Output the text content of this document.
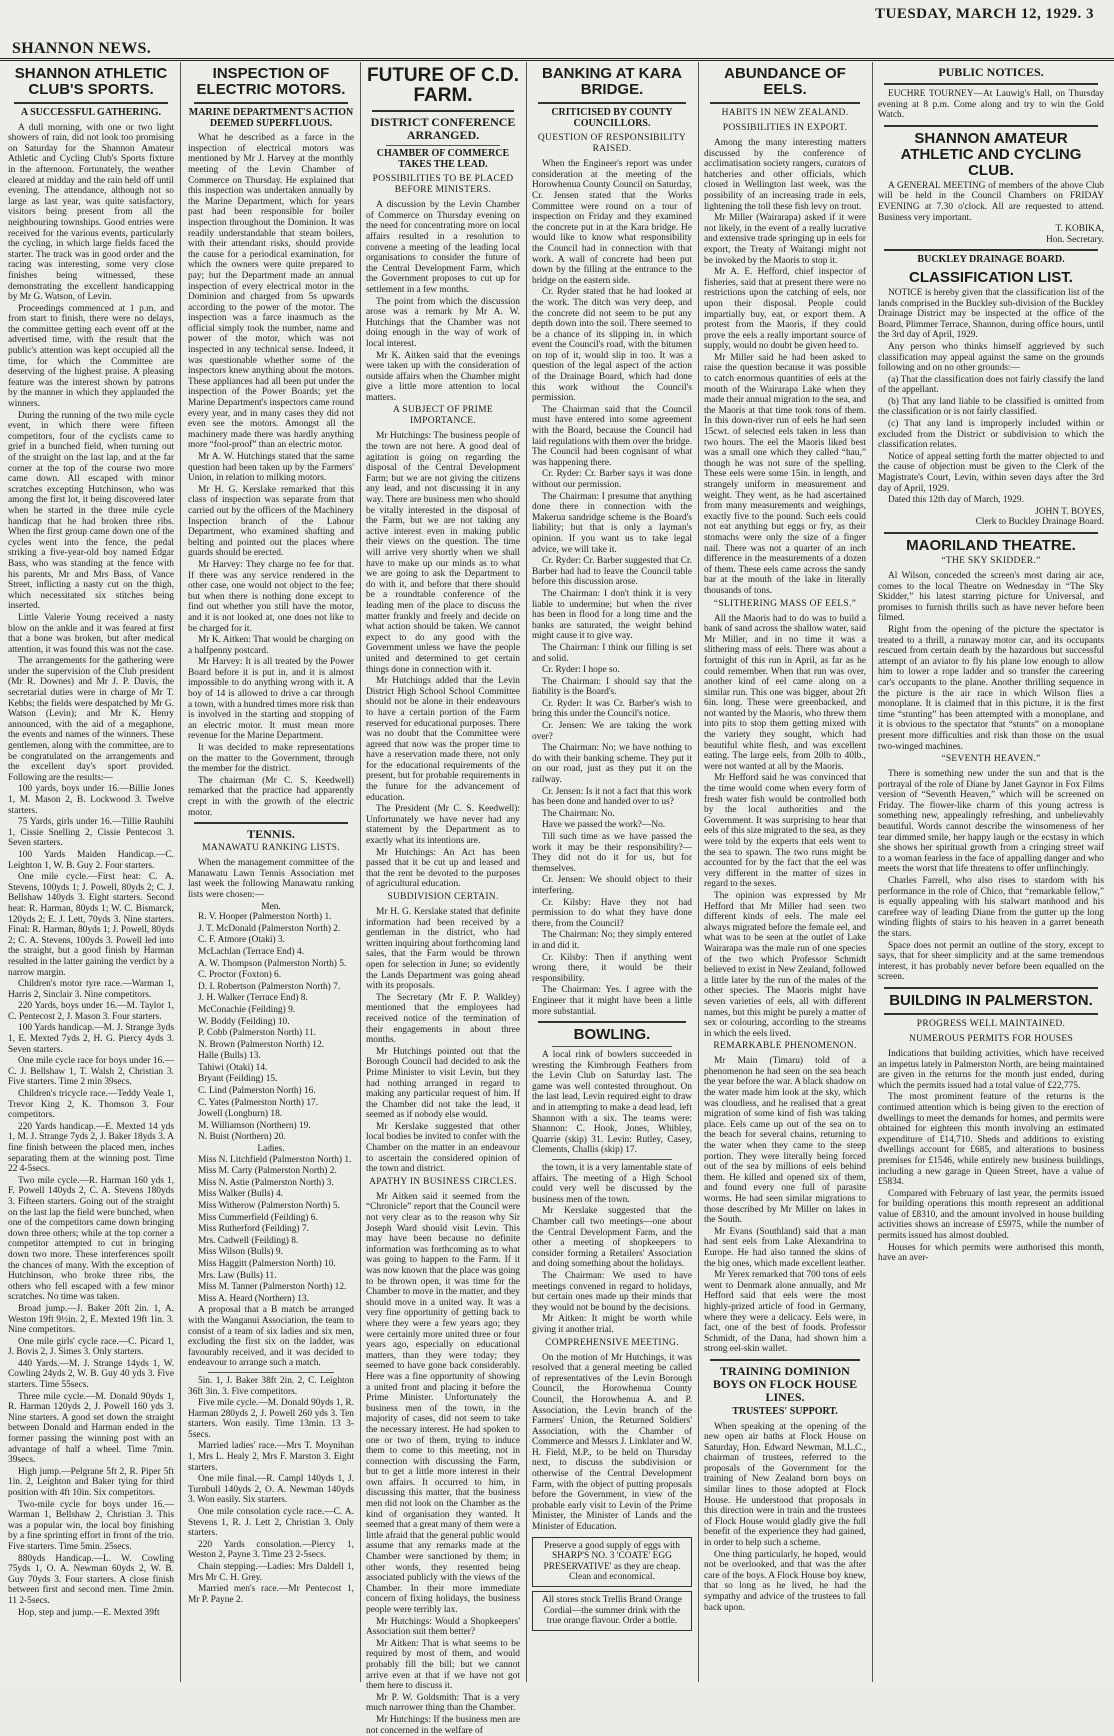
SHANNON NEWS.
TUESDAY, MARCH 12, 1929. 3
SHANNON ATHLETIC CLUB'S SPORTS.
A SUCCESSFUL GATHERING.

A dull morning, with one or two light showers of rain, did not look too promising on Saturday for the Shannon Amateur Athletic and Cycling Club's Sports fixture in the afternoon. Fortunately, the weather cleared at midday and the rain held off until evening. The attendance, although not so large as last year, was quite satisfactory, visitors being present from all the neighbouring townships. Good entries were received for the various events, particularly the cycling, in which large fields faced the starter. The track was in good order and the racing was interesting, some very close finishes being witnessed, these demonstrating the excellent handicapping by Mr G. Watson, of Levin.

Proceedings commenced at 1 p.m. and from start to finish, there were no delays, the committee getting each event off at the advertised time, with the result that the public's attention was kept occupied all the time, for which the Committee are deserving of the highest praise. A pleasing feature was the interest shown by patrons by the manner in which they applauded the winners.

During the running of the two mile cycle event, in which there were fifteen competitors, four of the cyclists came to grief in a bunched field, when turning out of the straight on the last lap, and at the far corner at the top of the course two more came down. All escaped with minor scratches excepting Hutchinson, who was among the first lot, it being discovered later when he started in the three mile cycle handicap that he had broken three ribs. When the first group came down one of the cycles went into the fence, the pedal striking a five-year-old boy named Edgar Bass, who was standing at the fence with his parents, Mr and Mrs Bass, of Vance Street, inflicting a nasty cut on the thigh, which necessitated six stitches being inserted.

Little Valerie Young received a nasty blow on the ankle and it was feared at first that a bone was broken, but after medical attention, it was found this was not the case.

The arrangements for the gathering were under the supervision of the Club president (Mr R. Downes) and Mr J. P. Davis, the secretarial duties were in charge of Mr T. Kebbs; the fields were despatched by Mr G. Watson (Levin); and Mr K. Henry announced, with the aid of a megaphone, the events and names of the winners. These gentlemen, along with the committee, are to be congratulated on the arrangements and the excellent day's sport provided. Following are the results:—

100 yards, boys under 16.—Billie Jones 1, M. Mason 2, B. Lockwood 3. Twelve starters.

75 Yards, girls under 16.—Tillie Rauhihi 1, Cissie Snelling 2, Cissie Pentecost 3. Seven starters.

100 Yards Maiden Handicap.—C. Leighton 1, W. B. Guy 2. Four starters.

One mile cycle.—First heat: C. A. Stevens, 100yds 1; J. Powell, 80yds 2; C. J. Bellshaw 140yds 3. Eight starters. Second heat: R. Harman, 80yds 1; W. C. Bismarck, 120yds 2; E. J. Lett, 70yds 3. Nine starters. Final: R. Harman, 80yds 1; J. Powell, 80yds 2; C. A. Stevens, 100yds 3. Powell led into the straight, but a good finish by Harman resulted in the latter gaining the verdict by a narrow margin.

Children's motor tyre race.—Warman 1, Harris 2, Sinclair 3. Nine competitors.

220 Yards, boys under 16.—M. Taylor 1, C. Pentecost 2, J. Mason 3. Four starters.

100 Yards handicap.—M. J. Strange 3yds 1, E. Mexted 7yds 2, H. G. Piercy 4yds 3. Seven starters.

One mile cycle race for boys under 16.—C. J. Bellshaw 1, T. Walsh 2, Christian 3. Five starters. Time 2 min 39secs.

Children's tricycle race.—Teddy Veale 1, Trevor King 2, K. Thomson 3. Four competitors.

220 Yards handicap.—E. Mexted 14 yds 1, M. J. Strange 7yds 2, J. Baker 18yds 3. A fine finish between the placed men, inches separating them at the winning post. Time 22 4-5secs.

Two mile cycle.—R. Harman 160 yds 1, F. Powell 140yds 2, C. A. Stevens 180yds 3. Fifteen starters. Going out of the straight on the last lap the field were bunched, when one of the competitors came down bringing down three others; while at the top corner a competitor attempted to cut in bringing down two more. These interferences spoilt the chances of many. With the exception of Hutchinson, who broke three ribs, the others who fell escaped with a few minor scratches. No time was taken.

Broad jump.—J. Baker 20ft 2in. 1, A. Weston 19ft 9½in. 2, E. Mexted 19ft 1in. 3. Nine competitors.

One mile girls' cycle race.—C. Picard 1, J. Bovis 2, J. Simes 3. Only starters.

440 Yards.—M. J. Strange 14yds 1, W. Cowling 24yds 2, W. B. Guy 40 yds 3. Five starters. Time 55secs.

Three mile cycle.—M. Donald 90yds 1, R. Harman 120yds 2, J. Powell 160 yds 3. Nine starters. A good set down the straight between Donald and Harman ended in the former passing the winning post with an advantage of half a wheel. Time 7min. 39secs.

High jump.—Pelgrane 5ft 2, R. Piper 5ft 1in. 2, Leighton and Baker tying for third position with 4ft 10in. Six competitors.

Two-mile cycle for boys under 16.—Warman 1, Bellshaw 2, Christian 3. This was a popular win, the local boy finishing by a fine sprinting effort in front of the trio. Five starters. Time 5min. 25secs.

880yds Handicap.—L. W. Cowling 75yds 1, O. A. Newman 60yds 2, W. B. Guy 70yds 3. Four starters. A close finish between first and second men. Time 2min. 11 2-5secs.

Hop, step and jump.—E. Mexted 39ft

INSPECTION OF ELECTRIC MOTORS.
MARINE DEPARTMENT'S ACTION DEEMED SUPERFLUOUS.

What he described as a farce in the inspection of electrical motors was mentioned by Mr J. Harvey at the monthly meeting of the Levin Chamber of Commerce on Thursday. He explained that this inspection was undertaken annually by the Marine Department, which for years past had been responsible for boiler inspection throughout the Dominion. It was readily understandable that steam boilers, with their attendant risks, should provide the cause for a periodical examination, for which the owners were quite prepared to pay; but the Department made an annual inspection of every electrical motor in the Dominion and charged from 5s upwards according to the power of the motor. The inspection was a farce inasmuch as the official simply took the number, name and power of the motor, which was not inspected in any technical sense. Indeed, it was questionable whether some of the inspectors knew anything about the motors. These appliances had all been put under the inspection of the Power Boards; yet the Marine Department's inspectors came round every year, and in many cases they did not even see the motors. Amongst all the machinery made there was hardly anything more “fool-proof” than an electric motor.

Mr A. W. Hutchings stated that the same question had been taken up by the Farmers' Union, in relation to milking motors.

Mr H. G. Kerslake remarked that this class of inspection was separate from that carried out by the officers of the Machinery Inspection branch of the Labour Department, who examined shafting and belting and pointed out the places where guards should be erected.

Mr Harvey: They charge no fee for that. If there was any service rendered in the other case, one would not object to the fee; but when there is nothing done except to find out whether you still have the motor, and it is not looked at, one does not like to be charged for it.

Mr K. Aitken: That would be charging on a halfpenny postcard.

Mr Harvey: It is all treated by the Power Board before it is put in, and it is almost impossible to do anything wrong with it. A boy of 14 is allowed to drive a car through a town, with a hundred times more risk than is involved in the starting and stopping of an electric motor. It must mean more revenue for the Marine Department.

It was decided to make representations on the matter to the Government, through the member for the district.

The chairman (Mr C. S. Keedwell) remarked that the practice had apparently crept in with the growth of the electric motor.

TENNIS.
MANAWATU RANKING LISTS.

When the management committee of the Manawatu Lawn Tennis Association met last week the following Manawatu ranking lists were chosen:—

Men.

R. V. Hooper (Palmerston North) 1.

J. T. McDonald (Palmerston North) 2.

C. F. Atmore (Otaki) 3.

McLachlan (Terrace End) 4.

A. W. Thompson (Palmerston North) 5.

C. Proctor (Foxton) 6.

D. I. Robertson (Palmerston North) 7.

J. H. Walker (Terrace End) 8.

McConachie (Feilding) 9.

W. Boddy (Feilding) 10.

P. Cobb (Palmerston North) 11.

N. Brown (Palmerston North) 12.

Halle (Bulls) 13.

Tahiwi (Otaki) 14.

Bryant (Feilding) 15.

C. Lind (Palmerston North) 16.

C. Yates (Palmerston North) 17.

Jowell (Longburn) 18.

M. Williamson (Northern) 19.

N. Buist (Northern) 20.

Ladies.

Miss N. Litchfield (Palmerston North) 1.

Miss M. Carty (Palmerston North) 2.

Miss N. Astie (Palmerston North) 3.

Miss Walker (Bulls) 4.

Miss Witherow (Palmerston North) 5.

Miss Cummerfield (Feilding) 6.

Miss Rutherford (Feilding) 7.

Mrs. Cadwell (Feilding) 8.

Miss Wilson (Bulls) 9.

Miss Haggitt (Palmerston North) 10.

Mrs. Law (Bulls) 11.

Miss M. Tanner (Palmerston North) 12.

Miss A. Heard (Northern) 13.

A proposal that a B match be arranged with the Wanganui Association, the team to consist of a team of six ladies and six men, excluding the first six on the ladder, was favourably received, and it was decided to endeavour to arrange such a match.

5in. 1, J. Baker 38ft 2in. 2, C. Leighton 36ft 3in. 3. Five competitors.

Five mile cycle.—M. Donald 90yds 1, R. Harman 280yds 2, J. Powell 260 yds 3. Ten starters. Won easily. Time 13min. 13 3-5secs.

Married ladies' race.—Mrs T. Moynihan 1, Mrs L. Healy 2, Mrs F. Marston 3. Eight starters.

One mile final.—R. Campl 140yds 1, J. Turnbull 140yds 2, O. A. Newman 140yds 3. Won easily. Six starters.

One mile consolation cycle race.—C. A. Stevens 1, R. J. Lett 2, Christian 3. Only starters.

220 Yards consolation.—Piercy 1, Weston 2, Payne 3. Time 23 2-5secs.

Chain stepping.—Ladies: Mrs Daldell 1, Mrs Mr C. H. Grey.

Married men's race.—Mr Pentecost 1, Mr P. Payne 2.

FUTURE OF C.D. FARM.
DISTRICT CONFERENCE ARRANGED.
CHAMBER OF COMMERCE TAKES THE LEAD.
POSSIBILITIES TO BE PLACED BEFORE MINISTERS.

A discussion by the Levin Chamber of Commerce on Thursday evening on the need for concentrating more on local affairs resulted in a resolution to convene a meeting of the leading local organisations to consider the future of the Central Development Farm, which the Government proposes to cut up for settlement in a few months.

The point from which the discussion arose was a remark by Mr A. W. Hutchings that the Chamber was not doing enough in the way of work of local interest.

Mr K. Aitken said that the evenings were taken up with the consideration of outside affairs when the Chamber might give a little more attention to local matters.

A SUBJECT OF PRIME IMPORTANCE.

Mr Hutchings: The business people of the town are not here. A good deal of agitation is going on regarding the disposal of the Central Development Farm; but we are not giving the citizens any lead, and not discussing it in any way. There are business men who should be vitally interested in the disposal of the Farm, but we are not taking any active interest even in making public their views on the question. The time will arrive very shortly when we shall have to make up our minds as to what we are going to ask the Department to do with it, and before that there should be a roundtable conference of the leading men of the place to discuss the matter frankly and freely and decide on what action should be taken. We cannot expect to do any good with the Government unless we have the people united and determined to get certain things done in connection with it.

Mr Hutchings added that the Levin District High School School Committee should not be alone in their endeavours to have a certain portion of the Farm reserved for educational purposes. There was no doubt that the Committee were agreed that now was the proper time to have a reservation made there, not only for the educational requirements of the present, but for probable requirements in the future for the advancement of education.

The President (Mr C. S. Keedwell): Unfortunately we have never had any statement by the Department as to exactly what its intentions are.

Mr Hutchings: An Act has been passed that it be cut up and leased and that the rent be devoted to the purposes of agricultural education.

SUBDIVISION CERTAIN.

Mr H. G. Kerslake stated that definite information had been received by a gentleman in the district, who had written inquiring about forthcoming land sales, that the Farm would be thrown open for selection in June; so evidently the Lands Department was going ahead with its proposals.

The Secretary (Mr F. P. Walkley) mentioned that the employees had received notice of the termination of their engagements in about three months.

Mr Hutchings pointed out that the Borough Council had decided to ask the Prime Minister to visit Levin, but they had nothing arranged in regard to making any particular request of him. If the Chamber did not take the lead, it seemed as if nobody else would.

Mr Kerslake suggested that other local bodies be invited to confer with the Chamber on the matter in an endeavour to ascertain the considered opinion of the town and district.

APATHY IN BUSINESS CIRCLES.

Mr Aitken said it seemed from the “Chronicle” report that the Council were not very clear as to the reason why Sir Joseph Ward should visit Levin. This may have been because no definite information was forthcoming as to what was going to happen to the Farm. If it was now known that the place was going to be thrown open, it was time for the Chamber to move in the matter, and they should move in a united way. It was a very fine opportunity of getting back to where they were a few years ago; they were certainly more united three or four years ago, especially on educational matters, than they were today; they seemed to have gone back considerably. Here was a fine opportunity of showing a united front and placing it before the Prime Minister. Unfortunately the business men of the town, in the majority of cases, did not seem to take the necessary interest. He had spoken to one or two of them, trying to induce them to come to this meeting, not in connection with discussing the Farm, but to get a little more interest in their own affairs. It occurred to him, in discussing this matter, that the business men did not look on the Chamber as the kind of organisation they wanted. It seemed that a great many of them were a little afraid that the general public would assume that any remarks made at the Chamber were sanctioned by them; in other words, they resented being associated publicly with the views of the Chamber. In their more immediate concern of fixing holidays, the business people were terribly lax.

Mr Hutchings: Would a Shopkeepers' Association suit them better?

Mr Aitken: That is what seems to be required by most of them, and would probably fill the bill; but we cannot arrive even at that if we have not got them here to discuss it.

Mr P. W. Goldsmith: That is a very much narrower thing than the Chamber.

Mr Hutchings: If the business men are not concerned in the welfare of

BANKING AT KARA BRIDGE.
CRITICISED BY COUNTY COUNCILLORS.
QUESTION OF RESPONSIBILITY RAISED.

When the Engineer's report was under consideration at the meeting of the Horowhenua County Council on Saturday, Cr. Jensen stated that the Works Committee were round on a tour of inspection on Friday and they examined the concrete put in at the Kara bridge. He would like to know what responsibility the Council had in connection with that work. A wall of concrete had been put down by the filling at the entrance to the bridge on the eastern side.

Cr. Ryder stated that he had looked at the work. The ditch was very deep, and the concrete did not seem to be put any depth down into the soil. There seemed to be a chance of its slipping in, in which event the Council's road, with the bitumen on top of it, would slip in too. It was a question of the legal aspect of the action of the Drainage Board, which had done this work without the Council's permission.

The Chairman said that the Council must have entered into some agreement with the Board, because the Council had laid regulations with them over the bridge. The Council had been cognisant of what was happening there.

Cr. Ryder: Cr. Barber says it was done without our permission.

The Chairman: I presume that anything done there in connection with the Makerua sandridge scheme is the Board's liability; but that is only a layman's opinion. If you want us to take legal advice, we will take it.

Cr. Ryder: Cr. Barber suggested that Cr. Barber had had to leave the Council table before this discussion arose.

The Chairman: I don't think it is very liable to undermine; but when the river has been in flood for a long time and the banks are saturated, the weight behind might cause it to give way.

The Chairman: I think our filling is set and solid.

Cr. Ryder: I hope so.

The Chairman: I should say that the liability is the Board's.

Cr. Ryder: It was Cr. Barber's wish to bring this under the Council's notice.

Cr. Jensen: We are taking the work over?

The Chairman: No; we have nothing to do with their banking scheme. They put it on our road, just as they put it on the railway.

Cr. Jensen: Is it not a fact that this work has been done and handed over to us?

The Chairman: No.

Have we passed the work?—No.

Till such time as we have passed the work it may be their responsibility?—They did not do it for us, but for themselves.

Cr. Jensen: We should object to their interfering.

Cr. Kilsby: Have they not had permission to do what they have done there, from the Council?

The Chairman: No; they simply entered in and did it.

Cr. Kilsby: Then if anything went wrong there, it would be their responsibility.

The Chairman: Yes. I agree with the Engineer that it might have been a little more substantial.

BOWLING.

A local rink of bowlers succeeded in wresting the Kimbrough Feathers from the Levin Club on Saturday last. The game was well contested throughout. On the last lead, Levin required eight to draw and in attempting to make a dead lead, left Shannon with a six. The teams were: Shannon: C. Hook, Jones, Whibley, Quarrie (skip) 31. Levin: Rutley, Casey, Clements, Challis (skip) 17.

the town, it is a very lamentable state of affairs. The meeting of a High School could very well be discussed by the business men of the town.

Mr Kerslake suggested that the Chamber call two meetings—one about the Central Development Farm, and the other a meeting of shopkeepers to consider forming a Retailers' Association and doing something about the holidays.

The Chairman: We used to have meetings convened in regard to holidays, but certain ones made up their minds that they would not be bound by the decisions.

Mr Aitken: It might be worth while giving it another trial.

COMPREHENSIVE MEETING.

On the motion of Mr Hutchings, it was resolved that a general meeting be called of representatives of the Levin Borough Council, the Horowhenua County Council, the Horowhenua A. and P. Association, the Levin branch of the Farmers' Union, the Returned Soldiers' Association, with the Chamber of Commerce and Messrs J. Linklater and W. H. Field, M.P., to be held on Thursday next, to discuss the subdivision or otherwise of the Central Development Farm, with the object of putting proposals before the Government, in view of the probable early visit to Levin of the Prime Minister, the Minister of Lands and the Minister of Education.

Preserve a good supply of eggs with SHARP'S NO. 3 'COATE' EGG PRESERVATIVE' as they are cheap. Clean and economical.
All stores stock Trellis Brand Orange Cordial—the summer drink with the true orange flavour. Order a bottle.
ABUNDANCE OF EELS.
HABITS IN NEW ZEALAND.
POSSIBILITIES IN EXPORT.

Among the many interesting matters discussed by the conference of acclimatisation society rangers, curators of hatcheries and other officials, which closed in Wellington last week, was the possibility of an increasing trade in eels, lightening the toll these fish levy on trout.

Mr Miller (Wairarapa) asked if it were not likely, in the event of a really lucrative and extensive trade springing up in eels for export, the Treaty of Waitangi might not be invoked by the Maoris to stop it.

Mr A. E. Hefford, chief inspector of fisheries, said that at present there were no restrictions upon the catching of eels, nor upon their disposal. People could impartially buy, eat, or export them. A protest from the Maoris, if they could prove the eels a really important source of supply, would no doubt be given heed to.

Mr Miller said he had been asked to raise the question because it was possible to catch enormous quantities of eels at the mouth of the Wairarapa Lake when they made their annual migration to the sea, and the Maoris at that time took tons of them. In this down-river run of eels he had seen 15cwt. of selected eels taken in less than two hours. The eel the Maoris liked best was a small one which they called “hau,” though he was not sure of the spelling. These eels were some 15in. in length, and strangely uniform in measurement and weight. They went, as he had ascertained from many measurements and weighings, exactly five to the pound. Such eels could not eat anything but eggs or fry, as their stomachs were only the size of a finger nail. There was not a quarter of an inch difference in the measurements of a dozen of them. These eels came across the sandy bar at the mouth of the lake in literally thousands of tons.

“SLITHERING MASS OF EELS.”

All the Maoris had to do was to build a bank of sand across the shallow water, said Mr Miller, and in no time it was a slithering mass of eels. There was about a fortnight of this run in April, as far as he could remember. When that run was over, another kind of eel came along on a similar run. This one was bigger, about 2ft 6in. long. These were greenbacked, and not wanted by the Maoris, who threw them into pits to stop them getting mixed with the variety they sought, which had beautiful white flesh, and was excellent eating. The large eels, from 20lb to 40lb., were not wanted at all by the Maoris.

Mr Hefford said he was convinced that the time would come when every form of fresh water fish would be controlled both by the local authorities and the Government. It was surprising to hear that eels of this size migrated to the sea, as they were told by the experts that eels went to the sea to spawn. The two runs might be accounted for by the fact that the eel was very different in the matter of sizes in regard to the sexes.

The opinion was expressed by Mr Hefford that Mr Miller had seen two different kinds of eels. The male eel always migrated before the female eel, and what was to be seen at the outlet of Lake Wairarapa was the male run of one species of the two which Professor Schmidt believed to exist in New Zealand, followed a little later by the run of the males of the other species. The Maoris might have seven varieties of eels, all with different names, but this might be purely a matter of sex or colouring, according to the streams in which the eels lived.

REMARKABLE PHENOMENON.

Mr Main (Timaru) told of a phenomenon he had seen on the sea beach the year before the war. A black shadow on the water made him look at the sky, which was cloudless, and he realised that a great migration of some kind of fish was taking place. Eels came up out of the sea on to the beach for several chains, returning to the water when they came to the steep portion. They were literally being forced out of the sea by millions of eels behind them. He killed and opened six of them, and found every one full of parasite worms. He had seen similar migrations to those described by Mr Miller on lakes in the South.

Mr Evans (Southland) said that a man had sent eels from Lake Alexandrina to Europe. He had also tanned the skins of the big ones, which made excellent leather.

Mr Yerex remarked that 700 tons of eels went to Denmark alone annually, and Mr Hefford said that eels were the most highly-prized article of food in Germany, where they were a delicacy. Eels were, in fact, one of the best of foods. Professor Schmidt, of the Dana, had shown him a strong eel-skin wallet.

TRAINING DOMINION BOYS ON FLOCK HOUSE LINES.
TRUSTEES' SUPPORT.

When speaking at the opening of the new open air baths at Flock House on Saturday, Hon. Edward Newman, M.L.C., chairman of trustees, referred to the proposals of the Government for the training of New Zealand born boys on similar lines to those adopted at Flock House. He understood that proposals in this direction were in train and the trustees of Flock House would gladly give the full benefit of the experience they had gained, in order to help such a scheme.

One thing particularly, he hoped, would not be overlooked, and that was the after care of the boys. A Flock House boy knew, that so long as he lived, he had the sympathy and advice of the trustees to fall back upon.

PUBLIC NOTICES.

EUCHRE TOURNEY—At Lauwig's Hall, on Thursday evening at 8 p.m. Come along and try to win the Gold Watch.

SHANNON AMATEUR ATHLETIC AND CYCLING CLUB.

A GENERAL MEETING of members of the above Club will be held in the Council Chambers on FRIDAY EVENING at 7.30 o'clock. All are requested to attend. Business very important.

T. KOBIKA,
Hon. Secretary.
BUCKLEY DRAINAGE BOARD.
CLASSIFICATION LIST.

NOTICE is hereby given that the classification list of the lands comprised in the Buckley sub-division of the Buckley Drainage District may be inspected at the office of the Board, Plimmer Terrace, Shannon, during office hours, until the 3rd day of April, 1929.

Any person who thinks himself aggrieved by such classification may appeal against the same on the grounds following and on no other grounds:—

(a) That the classification does not fairly classify the land of the appellant.

(b) That any land liable to be classified is omitted from the classification or is not fairly classified.

(c) That any land is improperly included within or excluded from the District or subdivision to which the classification relates.

Notice of appeal setting forth the matter objected to and the cause of objection must be given to the Clerk of the Magistrate's Court, Levin, within seven days after the 3rd day of April, 1929.

Dated this 12th day of March, 1929.

JOHN T. BOYES,
Clerk to Buckley Drainage Board.
MAORILAND THEATRE.
“THE SKY SKIDDER.”

Al Wilson, conceded the screen's most daring air ace, comes to the local Theatre on Wednesday in “The Sky Skidder,” his latest starring picture for Universal, and promises to furnish thrills such as have never before been filmed.

Right from the opening of the picture the spectator is treated to a thrill, a runaway motor car, and its occupants rescued from certain death by the hazardous but successful attempt of an aviator to fly his plane low enough to allow him to lower a rope ladder and so transfer the careering car's occupants to the plane. Another thrilling sequence in the picture is the air race in which Wilson flies a monoplane. It is claimed that in this picture, it is the first time “stunting” has been attempted with a monoplane, and it is obvious to the spectator that “stunts” on a monoplane present more difficulties and risk than those on the usual two-winged machines.

“SEVENTH HEAVEN.”

There is something new under the sun and that is the portrayal of the role of Diane by Janet Gaynor in Fox Films version of “Seventh Heaven,” which will be screened on Friday. The flower-like charm of this young actress is something new, appealingly refreshing, and unbelievably beautiful. Words cannot describe the winsomeness of her tear dimmed smile, her happy laugh or the ecstasy in which she shows her spiritual growth from a cringing street waif to a woman fearless in the face of appalling danger and who meets the worst that life threatens to offer unflinchingly.

Charles Farrell, who also rises to stardom with his performance in the role of Chico, that “remarkable fellow,” is equally appealing with his stalwart manhood and his carefree way of leading Diane from the gutter up the long winding flights of stairs to his heaven in a garret beneath the stars.

Space does not permit an outline of the story, except to says, that for sheer simplicity and at the same tremendous interest, it has probably never before been equalled on the screen.

BUILDING IN PALMERSTON.
PROGRESS WELL MAINTAINED.
NUMEROUS PERMITS FOR HOUSES

Indications that building activities, which have received an impetus lately in Palmerston North, are being maintained are given in the returns for the month just ended, during which the permits issued had a total value of £22,775.

The most prominent feature of the returns is the continued attention which is being given to the erection of dwellings to meet the demands for homes, and permits were obtained for eighteen this month involving an estimated expenditure of £14,710. Sheds and additions to existing dwellings account for £685, and alterations to business premises for £1546, while entirely new business buildings, including a new garage in Queen Street, have a value of £5834.

Compared with February of last year, the permits issued for building operations this month represent an additional value of £8310, and the amount involved in house building activities shows an increase of £5975, while the number of permits issued has almost doubled.

Houses for which permits were authorised this month, have an aver-
